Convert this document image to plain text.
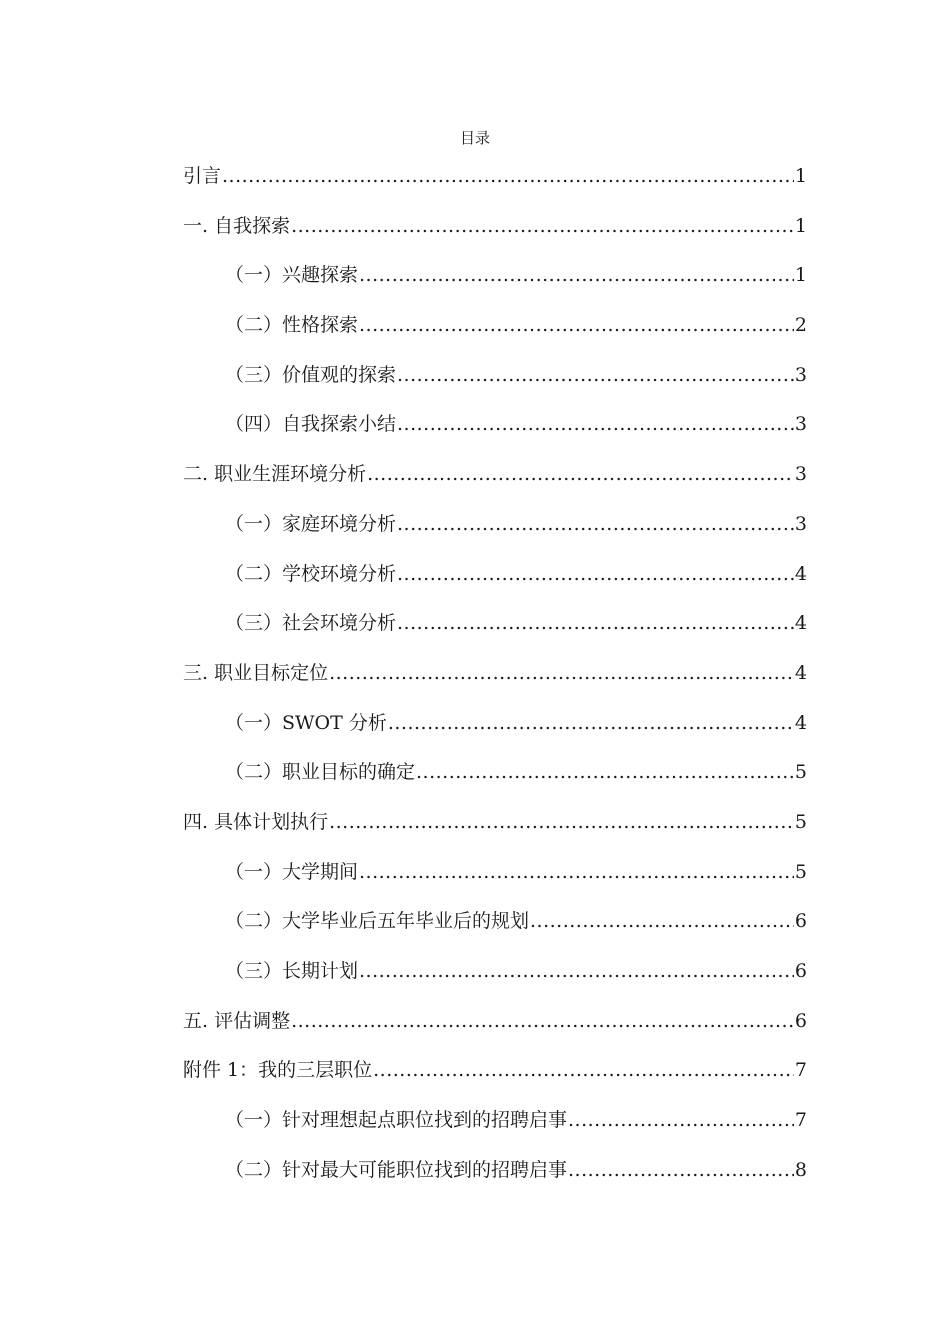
目录
引言 .....	1
一. 自我探索 .....	1
（一）兴趣探索 .....	1
（二）性格探索 .....	2
（三）价值观的探索 .....	3
（四）自我探索小结 .....	3
二. 职业生涯环境分析 .....	3
（一）家庭环境分析 .....	3
（二）学校环境分析 .....	4
（三）社会环境分析 .....	4
三. 职业目标定位 .....	4
（一）SWOT 分析 .....	4
（二）职业目标的确定 .....	5
四. 具体计划执行 .....	5
（一）大学期间 .....	5
（二）大学毕业后五年毕业后的规划 .....	6
（三）长期计划 .....	6
五. 评估调整 .....	6
附件 1：我的三层职位 .....	7
（一）针对理想起点职位找到的招聘启事 .....	7
（二）针对最大可能职位找到的招聘启事 .....	8
